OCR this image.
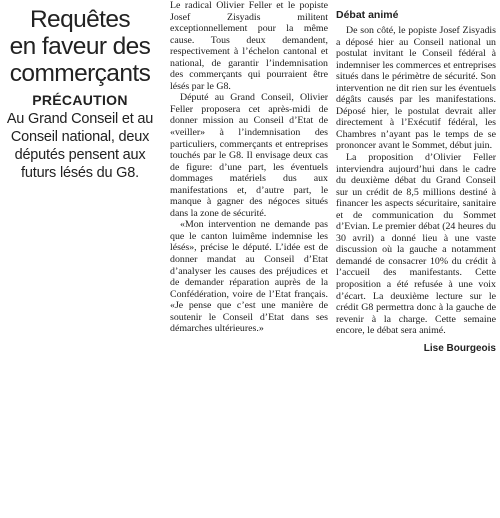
Requêtes
en faveur des
commerçants
PRÉCAUTION

Au Grand Conseil et au Conseil national, deux députés pensent aux futurs lésés du G8.

Le radical Olivier Feller et le popiste Josef Zisyadis militent exceptionnellement pour la même cause. Tous deux demandent, respectivement à l’échelon cantonal et national, de garantir l’indemnisation des commerçants qui pourraient être lésés par le G8.

Député au Grand Conseil, Olivier Feller proposera cet après-midi de donner mission au Conseil d’Etat de «veiller» à l’indemnisation des particuliers, commerçants et entreprises touchés par le G8. Il envisage deux cas de figure: d’une part, les éventuels dommages matériels dus aux manifestations et, d’autre part, le manque à gagner des négoces situés dans la zone de sécurité.

«Mon intervention ne demande pas que le canton luimême indemnise les lésés», précise le député. L’idée est de donner mandat au Conseil d’Etat d’analyser les causes des préjudices et de demander réparation auprès de la Confédération, voire de l’Etat français. «Je pense que c’est une manière de soutenir le Conseil d’Etat dans ses démarches ultérieures.»

Débat animé

De son côté, le popiste Josef Zisyadis a déposé hier au Conseil national un postulat invitant le Conseil fédéral à indemniser les commerces et entreprises situés dans le périmètre de sécurité. Son intervention ne dit rien sur les éventuels dégâts causés par les manifestations. Déposé hier, le postulat devrait aller directement à l’Exécutif fédéral, les Chambres n’ayant pas le temps de se prononcer avant le Sommet, début juin.

La proposition d’Olivier Feller interviendra aujourd’hui dans le cadre du deuxième débat du Grand Conseil sur un crédit de 8,5 millions destiné à financer les aspects sécuritaire, sanitaire et de communication du Sommet d’Evian. Le premier débat (24 heures du 30 avril) a donné lieu à une vaste discussion où la gauche a notamment demandé de consacrer 10% du crédit à l’accueil des manifestants. Cette proposition a été refusée à une voix d’écart. La deuxième lecture sur le crédit G8 permettra donc à la gauche de revenir à la charge. Cette semaine encore, le débat sera animé.

Lise Bourgeois
